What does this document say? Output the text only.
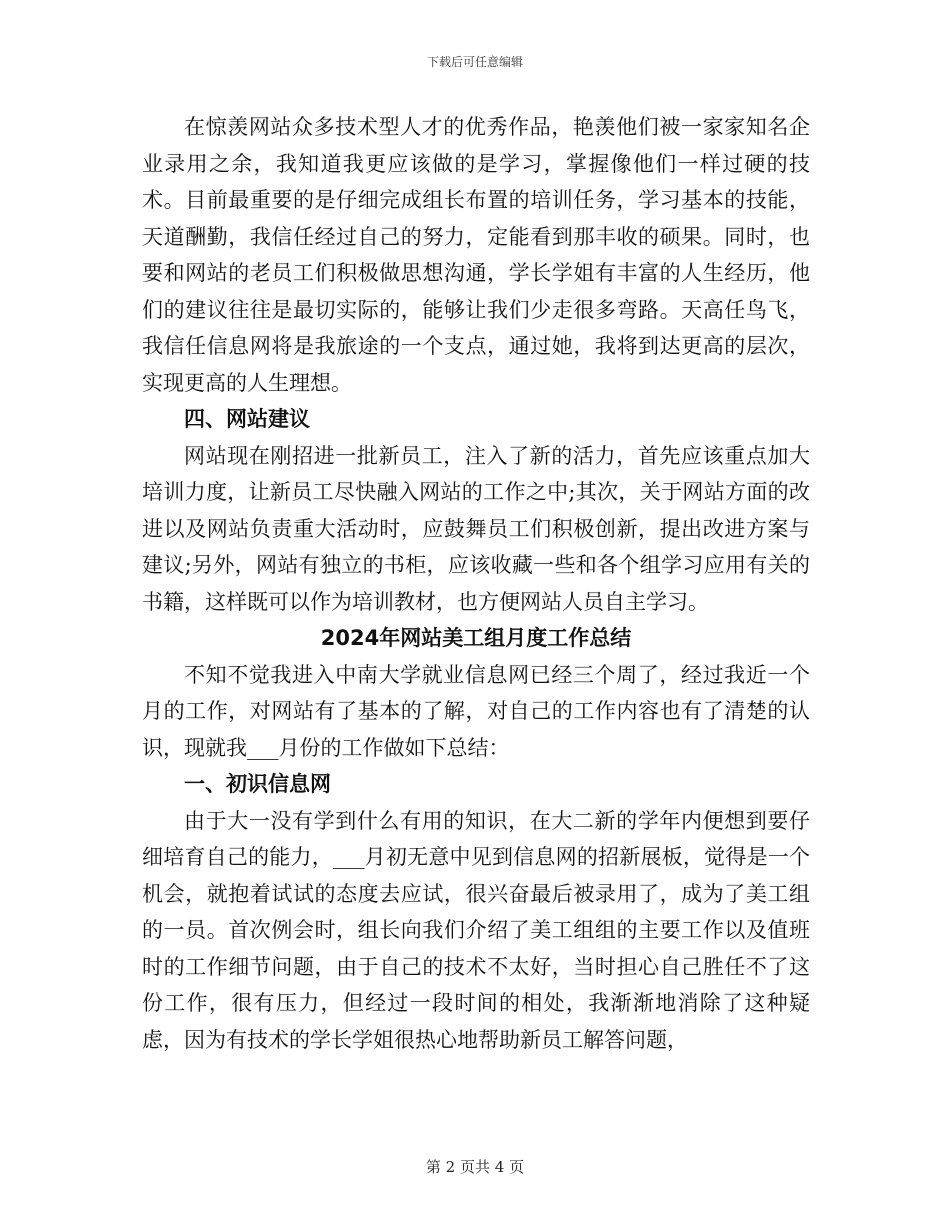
下载后可任意编辑

在惊羡网站众多技术型人才的优秀作品，艳羡他们被一家家知名企业录用之余，我知道我更应该做的是学习，掌握像他们一样过硬的技术。目前最重要的是仔细完成组长布置的培训任务，学习基本的技能，天道酬勤，我信任经过自己的努力，定能看到那丰收的硕果。同时，也要和网站的老员工们积极做思想沟通，学长学姐有丰富的人生经历，他们的建议往往是最切实际的，能够让我们少走很多弯路。天高任鸟飞，我信任信息网将是我旅途的一个支点，通过她，我将到达更高的层次，实现更高的人生理想。

四、网站建议

网站现在刚招进一批新员工，注入了新的活力，首先应该重点加大培训力度，让新员工尽快融入网站的工作之中;其次，关于网站方面的改进以及网站负责重大活动时，应鼓舞员工们积极创新，提出改进方案与建议;另外，网站有独立的书柜，应该收藏一些和各个组学习应用有关的书籍，这样既可以作为培训教材，也方便网站人员自主学习。

2024年网站美工组月度工作总结

不知不觉我进入中南大学就业信息网已经三个周了，经过我近一个月的工作，对网站有了基本的了解，对自己的工作内容也有了清楚的认识，现就我___月份的工作做如下总结：

一、初识信息网

由于大一没有学到什么有用的知识，在大二新的学年内便想到要仔细培育自己的能力，___月初无意中见到信息网的招新展板，觉得是一个机会，就抱着试试的态度去应试，很兴奋最后被录用了，成为了美工组的一员。首次例会时，组长向我们介绍了美工组组的主要工作以及值班时的工作细节问题，由于自己的技术不太好，当时担心自己胜任不了这份工作，很有压力，但经过一段时间的相处，我渐渐地消除了这种疑虑，因为有技术的学长学姐很热心地帮助新员工解答问题，

第 2 页共 4 页
